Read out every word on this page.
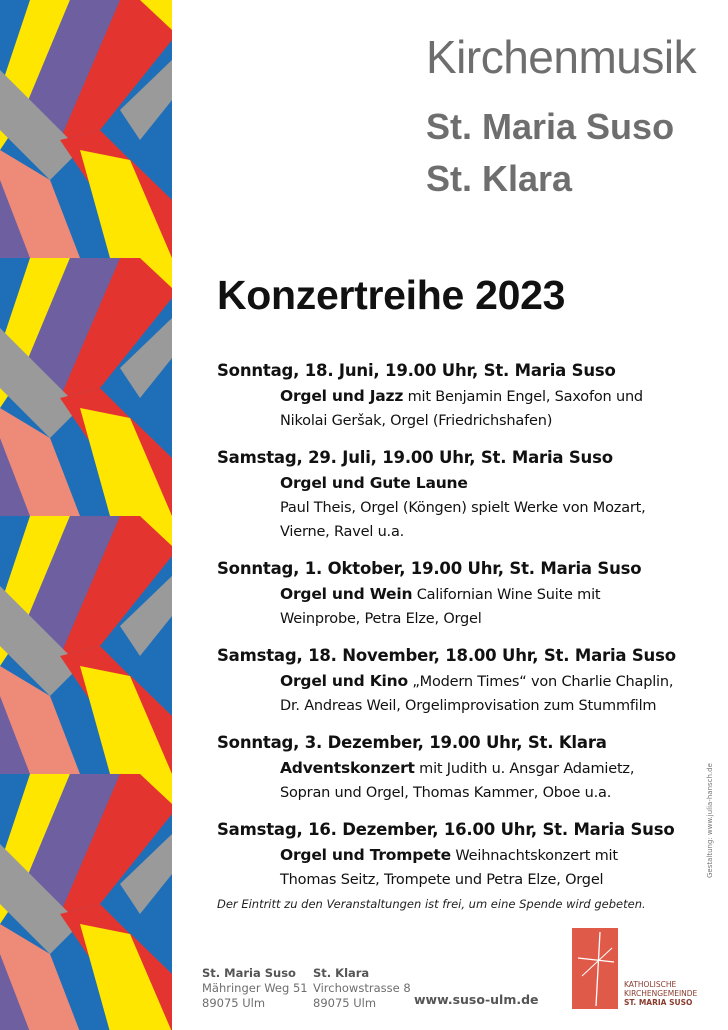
Kirchenmusik
St. Maria Suso
St. Klara
Konzertreihe 2023
Sonntag, 18. Juni, 19.00 Uhr, St. Maria Suso
Orgel und Jazz mit Benjamin Engel, Saxofon und
Nikolai Geršak, Orgel (Friedrichshafen)
Samstag, 29. Juli, 19.00 Uhr, St. Maria Suso
Orgel und Gute Laune
Paul Theis, Orgel (Köngen) spielt Werke von Mozart,
Vierne, Ravel u.a.
Sonntag, 1. Oktober, 19.00 Uhr, St. Maria Suso
Orgel und Wein Californian Wine Suite mit
Weinprobe, Petra Elze, Orgel
Samstag, 18. November, 18.00 Uhr, St. Maria Suso
Orgel und Kino „Modern Times“ von Charlie Chaplin,
Dr. Andreas Weil, Orgelimprovisation zum Stummfilm
Sonntag, 3. Dezember, 19.00 Uhr, St. Klara
Adventskonzert mit Judith u. Ansgar Adamietz,
Sopran und Orgel, Thomas Kammer, Oboe u.a.
Samstag, 16. Dezember, 16.00 Uhr, St. Maria Suso
Orgel und Trompete Weihnachtskonzert mit
Thomas Seitz, Trompete und Petra Elze, Orgel
Der Eintritt zu den Veranstaltungen ist frei, um eine Spende wird gebeten.
St. Maria Suso
Mähringer Weg 51
89075 Ulm
St. Klara
Virchowstrasse 8
89075 Ulm	www.suso-ulm.de
KATHOLISCHE
KIRCHENGEMEINDE
ST. MARIA SUSO
Gestaltung: www.julia-hansch.de
